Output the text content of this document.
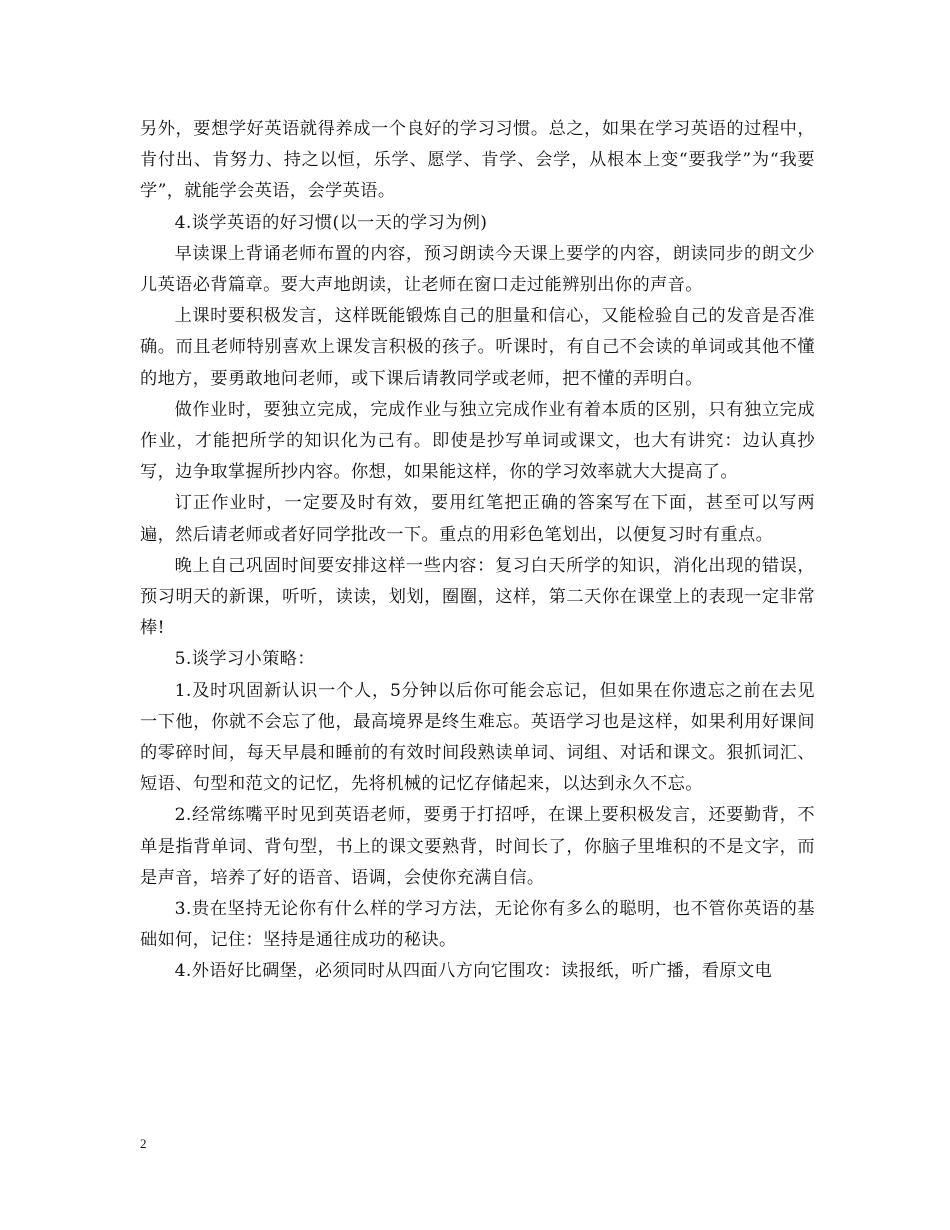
另外，要想学好英语就得养成一个良好的学习习惯。总之，如果在学习英语的过程中，肯付出、肯努力、持之以恒，乐学、愿学、肯学、会学，从根本上变“要我学”为“我要学”，就能学会英语，会学英语。

4.谈学英语的好习惯(以一天的学习为例)

早读课上背诵老师布置的内容，预习朗读今天课上要学的内容，朗读同步的朗文少儿英语必背篇章。要大声地朗读，让老师在窗口走过能辨别出你的声音。

上课时要积极发言，这样既能锻炼自己的胆量和信心，又能检验自己的发音是否准确。而且老师特别喜欢上课发言积极的孩子。听课时，有自己不会读的单词或其他不懂的地方，要勇敢地问老师，或下课后请教同学或老师，把不懂的弄明白。

做作业时，要独立完成，完成作业与独立完成作业有着本质的区别，只有独立完成作业，才能把所学的知识化为己有。即使是抄写单词或课文，也大有讲究：边认真抄写，边争取掌握所抄内容。你想，如果能这样，你的学习效率就大大提高了。

订正作业时，一定要及时有效，要用红笔把正确的答案写在下面，甚至可以写两遍，然后请老师或者好同学批改一下。重点的用彩色笔划出，以便复习时有重点。

晚上自己巩固时间要安排这样一些内容：复习白天所学的知识，消化出现的错误，预习明天的新课，听听，读读，划划，圈圈，这样，第二天你在课堂上的表现一定非常棒!

5.谈学习小策略：

1.及时巩固新认识一个人，5分钟以后你可能会忘记，但如果在你遗忘之前在去见一下他，你就不会忘了他，最高境界是终生难忘。英语学习也是这样，如果利用好课间的零碎时间，每天早晨和睡前的有效时间段熟读单词、词组、对话和课文。狠抓词汇、短语、句型和范文的记忆，先将机械的记忆存储起来，以达到永久不忘。

2.经常练嘴平时见到英语老师，要勇于打招呼，在课上要积极发言，还要勤背，不单是指背单词、背句型，书上的课文要熟背，时间长了，你脑子里堆积的不是文字，而是声音，培养了好的语音、语调，会使你充满自信。

3.贵在坚持无论你有什么样的学习方法，无论你有多么的聪明，也不管你英语的基础如何，记住：坚持是通往成功的秘诀。

4.外语好比碉堡，必须同时从四面八方向它围攻：读报纸，听广播，看原文电

2
